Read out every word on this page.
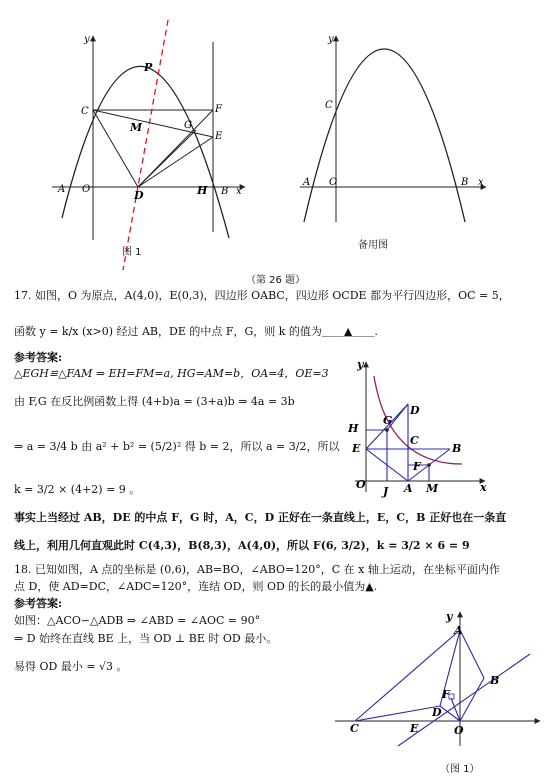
y
P
C	F
M	G
E
A O	D	H B x
y
C
A O	B x
图 1
备用图
（第 26 题）
17. 如图，O 为原点，A(4,0)，E(0,3)，四边形 OABC，四边形 OCDE 都为平行四边形，OC = 5，
函数 y = k/x (x>0) 经过 AB，DE 的中点 F，G，则 k 的值为＿＿▲＿＿.
参考答案:
△EGH≌△FAM ⇒ EH=FM=a, HG=AM=b，OA=4，OE=3
由 F,G 在反比例函数上得 (4+b)a = (3+a)b ⇒ 4a = 3b
⇒ a = 3/4 b 由 a² + b² = (5/2)² 得 b = 2，所以 a = 3/2，所以
k = 3/2 × (4+2) = 9 。
事实上当经过 AB，DE 的中点 F，G 时，A，C，D 正好在一条直线上，E，C，B 正好也在一条直
线上，利用几何直观此时 C(4,3)，B(8,3)，A(4,0)，所以 F(6, 3/2)，k = 3/2 × 6 = 9
y
G
D
H
C
E	B
F
O
J A M	x
18. 已知如图，A 点的坐标是 (0,6)，AB=BO，∠ABO=120°，C 在 x 轴上运动，在坐标平面内作
点 D，使 AD=DC，∠ADC=120°，连结 OD，则 OD 的长的最小值为▲.
参考答案:
如图：△ACO∽△ADB ⇒ ∠ABD = ∠AOC = 90°
⇒ D 始终在直线 BE 上，当 OD ⊥ BE 时 OD 最小。
易得 OD 最小 = √3 。
y
A
B
F
D
C	E	O
（图 1）
